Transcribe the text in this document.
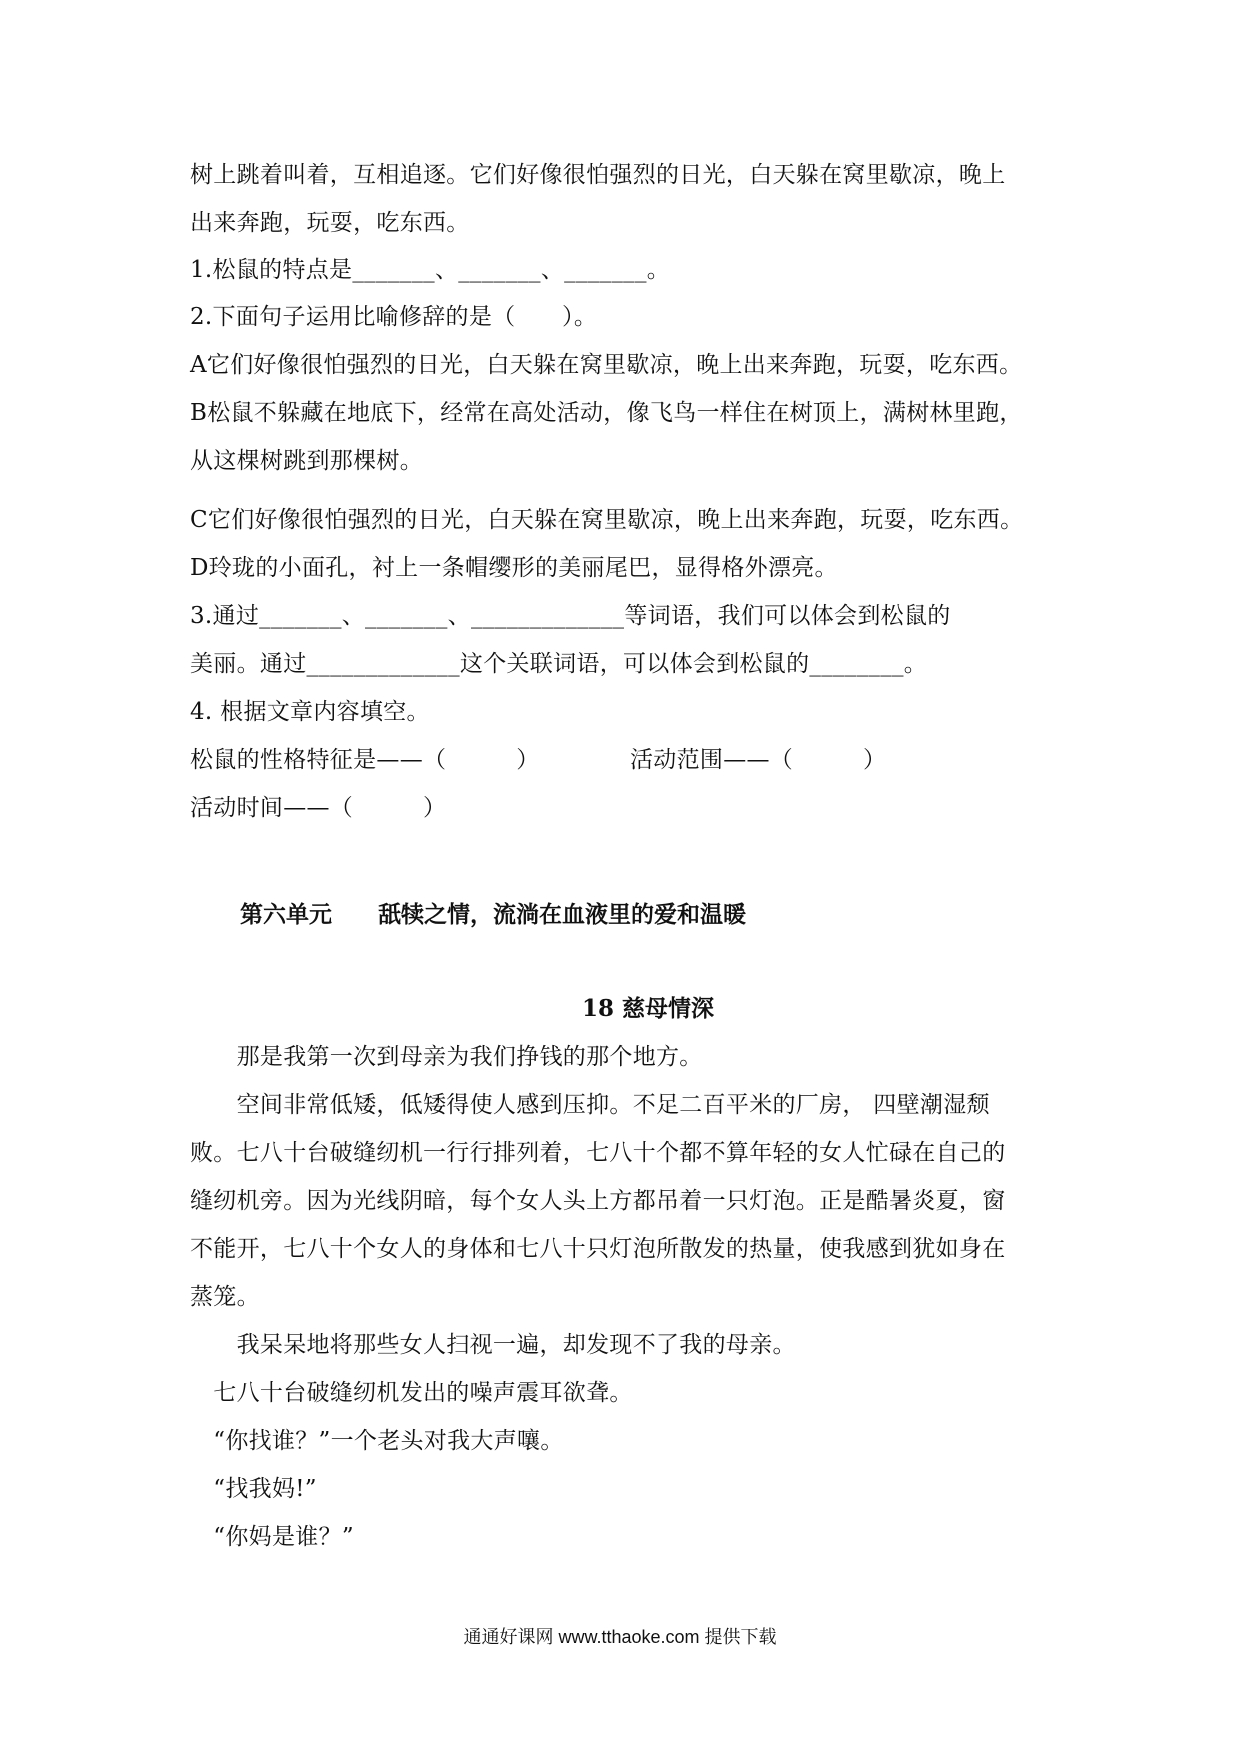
树上跳着叫着，互相追逐。它们好像很怕强烈的日光，白天躲在窝里歇凉，晚上
出来奔跑，玩耍，吃东西。
1.松鼠的特点是_______、_______、_______。
2.下面句子运用比喻修辞的是（　　）。
A它们好像很怕强烈的日光，白天躲在窝里歇凉，晚上出来奔跑，玩耍，吃东西。
B松鼠不躲藏在地底下，经常在高处活动，像飞鸟一样住在树顶上，满树林里跑，
从这棵树跳到那棵树。
C它们好像很怕强烈的日光，白天躲在窝里歇凉，晚上出来奔跑，玩耍，吃东西。
D玲珑的小面孔，衬上一条帽缨形的美丽尾巴，显得格外漂亮。
3.通过_______、_______、_____________等词语，我们可以体会到松鼠的
美丽。通过_____________这个关联词语，可以体会到松鼠的________。
4. 根据文章内容填空。
松鼠的性格特征是——（　　　）	活动范围——（　　　）
活动时间——（　　　）
第六单元　　舐犊之情，流淌在血液里的爱和温暖
18 慈母情深
　　那是我第一次到母亲为我们挣钱的那个地方。
　　空间非常低矮，低矮得使人感到压抑。不足二百平米的厂房， 四壁潮湿颓
败。七八十台破缝纫机一行行排列着，七八十个都不算年轻的女人忙碌在自己的
缝纫机旁。因为光线阴暗，每个女人头上方都吊着一只灯泡。正是酷暑炎夏，窗
不能开，七八十个女人的身体和七八十只灯泡所散发的热量，使我感到犹如身在
蒸笼。
　　我呆呆地将那些女人扫视一遍，却发现不了我的母亲。
　七八十台破缝纫机发出的噪声震耳欲聋。
　“你找谁？”一个老头对我大声嚷。
　“找我妈!”
　“你妈是谁？”
通通好课网 www.tthaoke.com 提供下载
